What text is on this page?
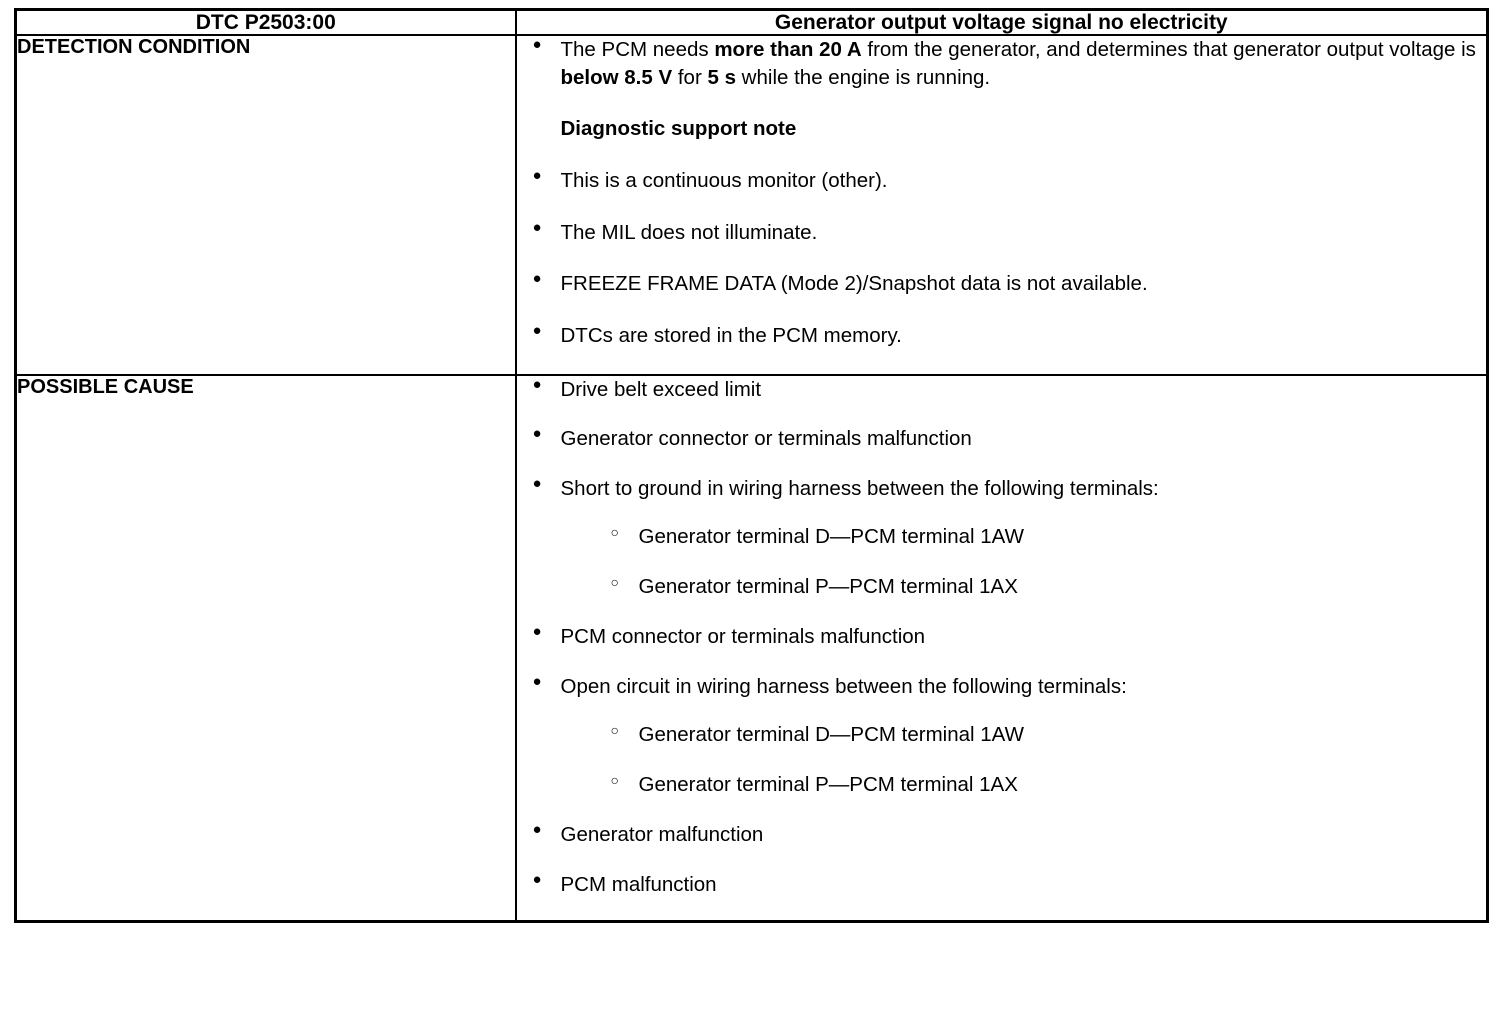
DTC P2503:00	Generator output voltage signal no electricity

DETECTION CONDITION

●The PCM needs more than 20 A from the generator, and determines that generator output voltage is below 8.5 V for 5 s while the engine is running.
Diagnostic support note
● This is a continuous monitor (other).
● The MIL does not illuminate.
● FREEZE FRAME DATA (Mode 2)/Snapshot data is not available.
● DTCs are stored in the PCM memory.

POSSIBLE CAUSE

●Drive belt exceed limit
● Generator connector or terminals malfunction
● Short to ground in wiring harness between the following terminals:
○ Generator terminal D—PCM terminal 1AW
○ Generator terminal P—PCM terminal 1AX
● PCM connector or terminals malfunction
● Open circuit in wiring harness between the following terminals:
○ Generator terminal D—PCM terminal 1AW
○ Generator terminal P—PCM terminal 1AX
● Generator malfunction
● PCM malfunction
